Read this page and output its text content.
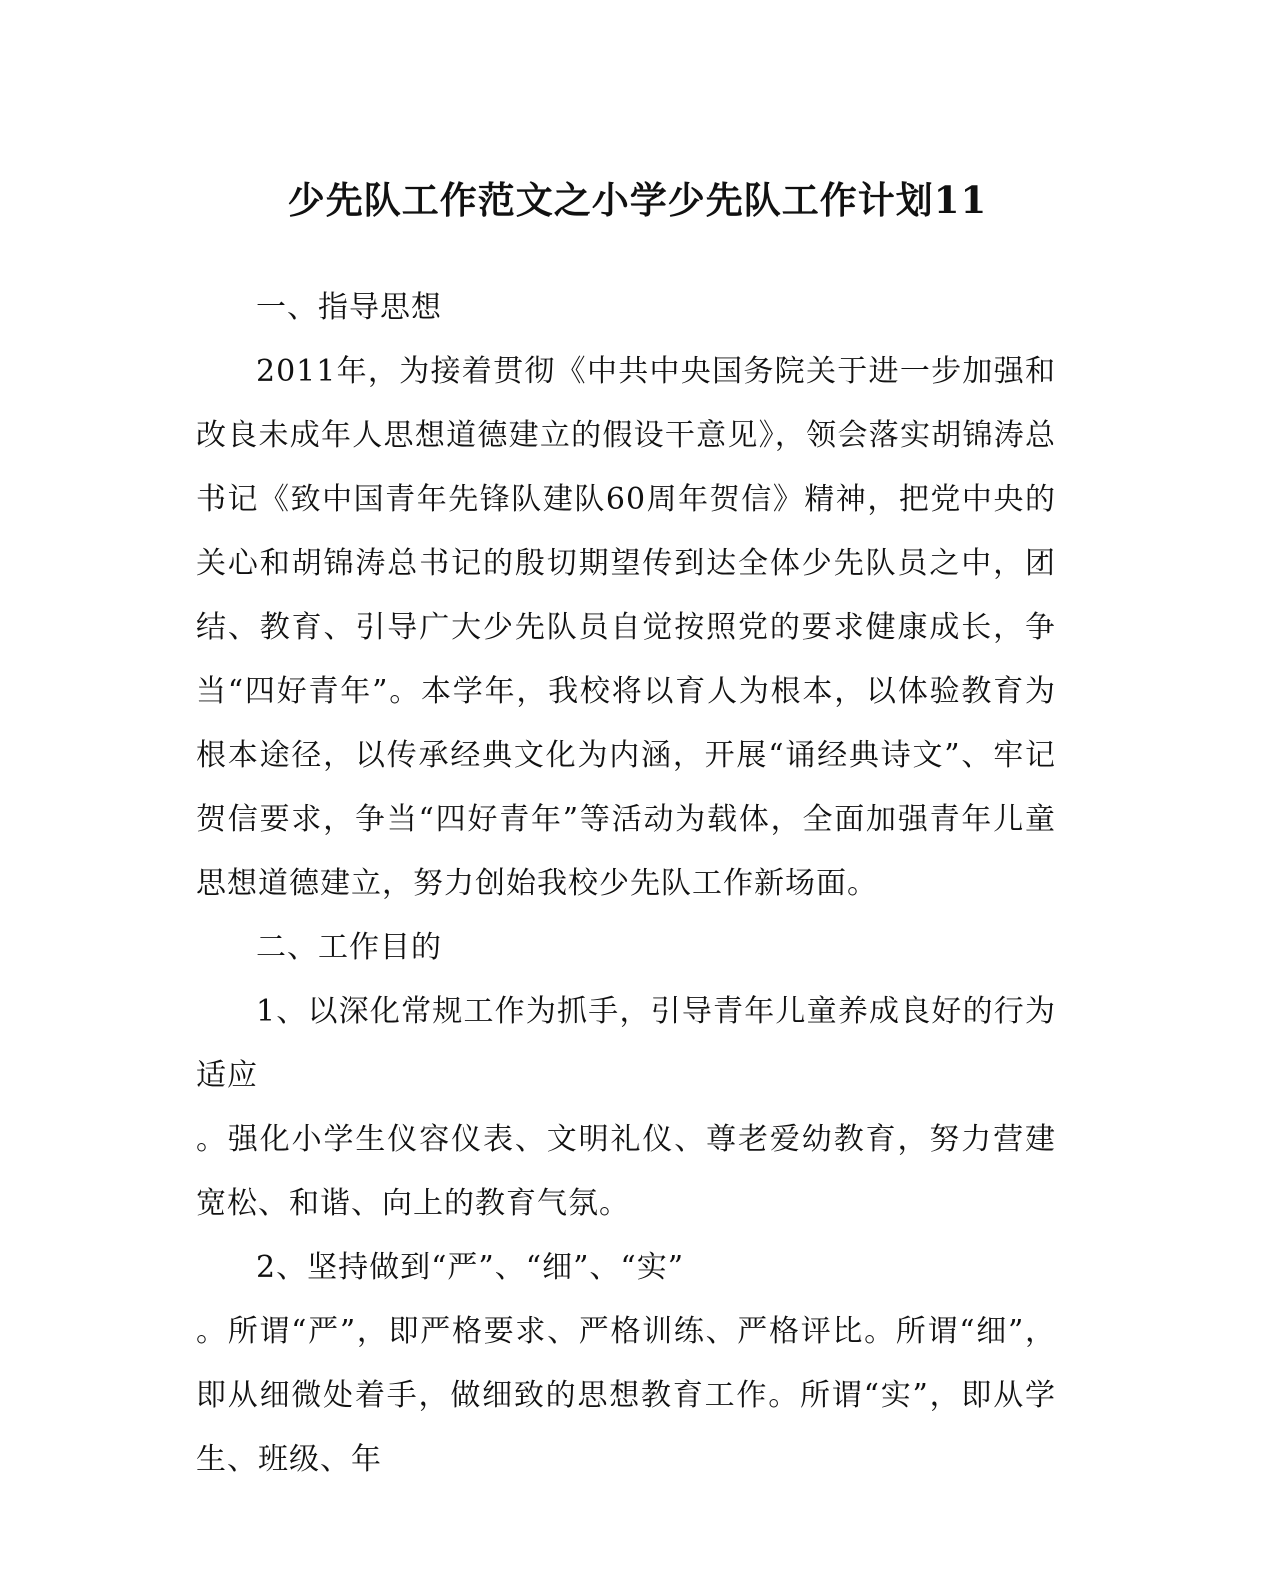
少先队工作范文之小学少先队工作计划11

一、指导思想

2011年，为接着贯彻《中共中央国务院关于进一步加强和改良未成年人思想道德建立的假设干意见》，领会落实胡锦涛总书记《致中国青年先锋队建队60周年贺信》精神，把党中央的关心和胡锦涛总书记的殷切期望传到达全体少先队员之中，团结、教育、引导广大少先队员自觉按照党的要求健康成长，争当“四好青年”。本学年，我校将以育人为根本，以体验教育为根本途径，以传承经典文化为内涵，开展“诵经典诗文”、牢记贺信要求，争当“四好青年”等活动为载体，全面加强青年儿童思想道德建立，努力创始我校少先队工作新场面。

二、工作目的

1、以深化常规工作为抓手，引导青年儿童养成良好的行为适应

。强化小学生仪容仪表、文明礼仪、尊老爱幼教育，努力营建宽松、和谐、向上的教育气氛。

2、坚持做到“严”、“细”、“实”

。所谓“严”，即严格要求、严格训练、严格评比。所谓“细”，即从细微处着手，做细致的思想教育工作。所谓“实”，即从学生、班级、年
